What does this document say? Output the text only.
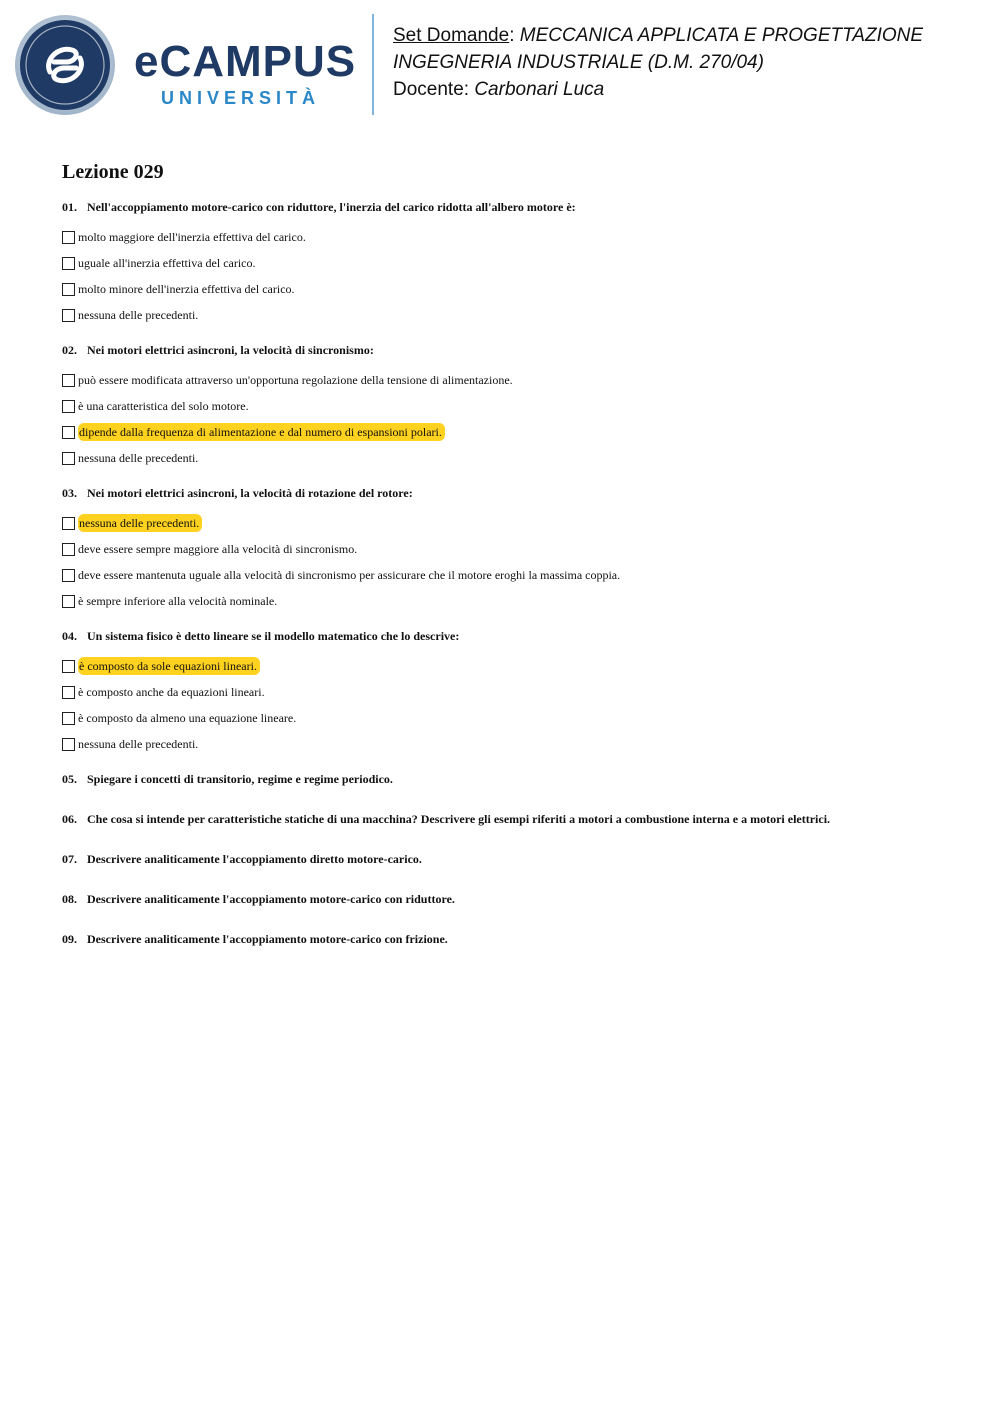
eCAMPUS
UNIVERSITÀ
Set Domande: MECCANICA APPLICATA E PROGETTAZIONE
INGEGNERIA INDUSTRIALE (D.M. 270/04)
Docente: Carbonari Luca
Lezione 029
01. Nell'accoppiamento motore-carico con riduttore, l'inerzia del carico ridotta all'albero motore è:
molto maggiore dell'inerzia effettiva del carico.
uguale all'inerzia effettiva del carico.
molto minore dell'inerzia effettiva del carico.
nessuna delle precedenti.
02. Nei motori elettrici asincroni, la velocità di sincronismo:
può essere modificata attraverso un'opportuna regolazione della tensione di alimentazione.
è una caratteristica del solo motore.
dipende dalla frequenza di alimentazione e dal numero di espansioni polari.
nessuna delle precedenti.
03. Nei motori elettrici asincroni, la velocità di rotazione del rotore:
nessuna delle precedenti.
deve essere sempre maggiore alla velocità di sincronismo.
deve essere mantenuta uguale alla velocità di sincronismo per assicurare che il motore eroghi la massima coppia.
è sempre inferiore alla velocità nominale.
04. Un sistema fisico è detto lineare se il modello matematico che lo descrive:
è composto da sole equazioni lineari.
è composto anche da equazioni lineari.
è composto da almeno una equazione lineare.
nessuna delle precedenti.
05. Spiegare i concetti di transitorio, regime e regime periodico.
06. Che cosa si intende per caratteristiche statiche di una macchina? Descrivere gli esempi riferiti a motori a combustione interna e a motori elettrici.
07. Descrivere analiticamente l'accoppiamento diretto motore-carico.
08. Descrivere analiticamente l'accoppiamento motore-carico con riduttore.
09. Descrivere analiticamente l'accoppiamento motore-carico con frizione.
